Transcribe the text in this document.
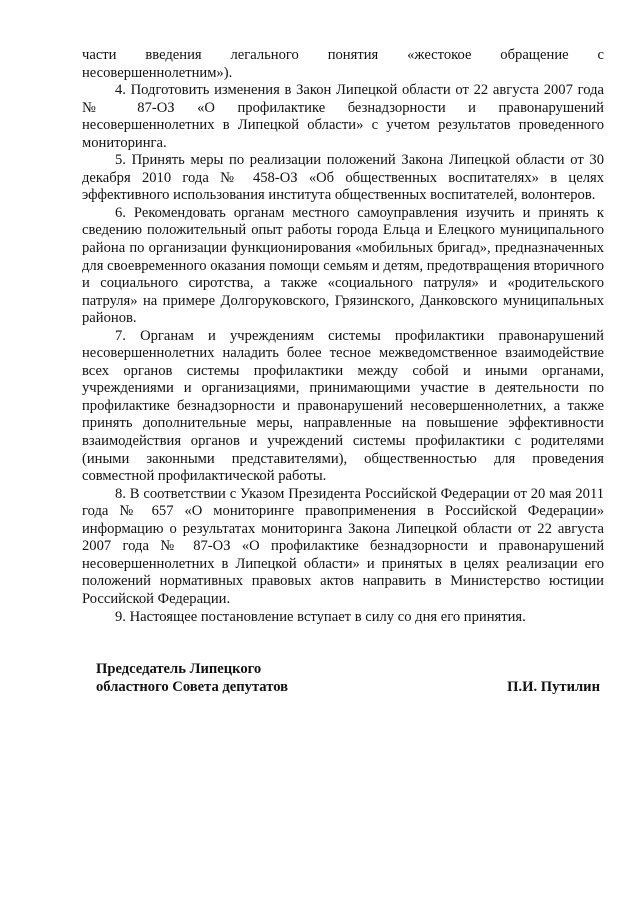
части введения легального понятия «жестокое обращение с несовершеннолетним»).

4. Подготовить изменения в Закон Липецкой области от 22 августа 2007 года № 87-ОЗ «О профилактике безнадзорности и правонарушений несовершеннолетних в Липецкой области» с учетом результатов проведенного мониторинга.

5. Принять меры по реализации положений Закона Липецкой области от 30 декабря 2010 года № 458-ОЗ «Об общественных воспитателях» в целях эффективного использования института общественных воспитателей, волонтеров.

6. Рекомендовать органам местного самоуправления изучить и принять к сведению положительный опыт работы города Ельца и Елецкого муниципального района по организации функционирования «мобильных бригад», предназначенных для своевременного оказания помощи семьям и детям, предотвращения вторичного и социального сиротства, а также «социального патруля» и «родительского патруля» на примере Долгоруковского, Грязинского, Данковского муниципальных районов.

7. Органам и учреждениям системы профилактики правонарушений несовершеннолетних наладить более тесное межведомственное взаимодействие всех органов системы профилактики между собой и иными органами, учреждениями и организациями, принимающими участие в деятельности по профилактике безнадзорности и правонарушений несовершеннолетних, а также принять дополнительные меры, направленные на повышение эффективности взаимодействия органов и учреждений системы профилактики с родителями (иными законными представителями), общественностью для проведения совместной профилактической работы.

8. В соответствии с Указом Президента Российской Федерации от 20 мая 2011 года № 657 «О мониторинге правоприменения в Российской Федерации» информацию о результатах мониторинга Закона Липецкой области от 22 августа 2007 года № 87-ОЗ «О профилактике безнадзорности и правонарушений несовершеннолетних в Липецкой области» и принятых в целях реализации его положений нормативных правовых актов направить в Министерство юстиции Российской Федерации.

9. Настоящее постановление вступает в силу со дня его принятия.

Председатель Липецкого
областного Совета депутатов	П.И. Путилин
